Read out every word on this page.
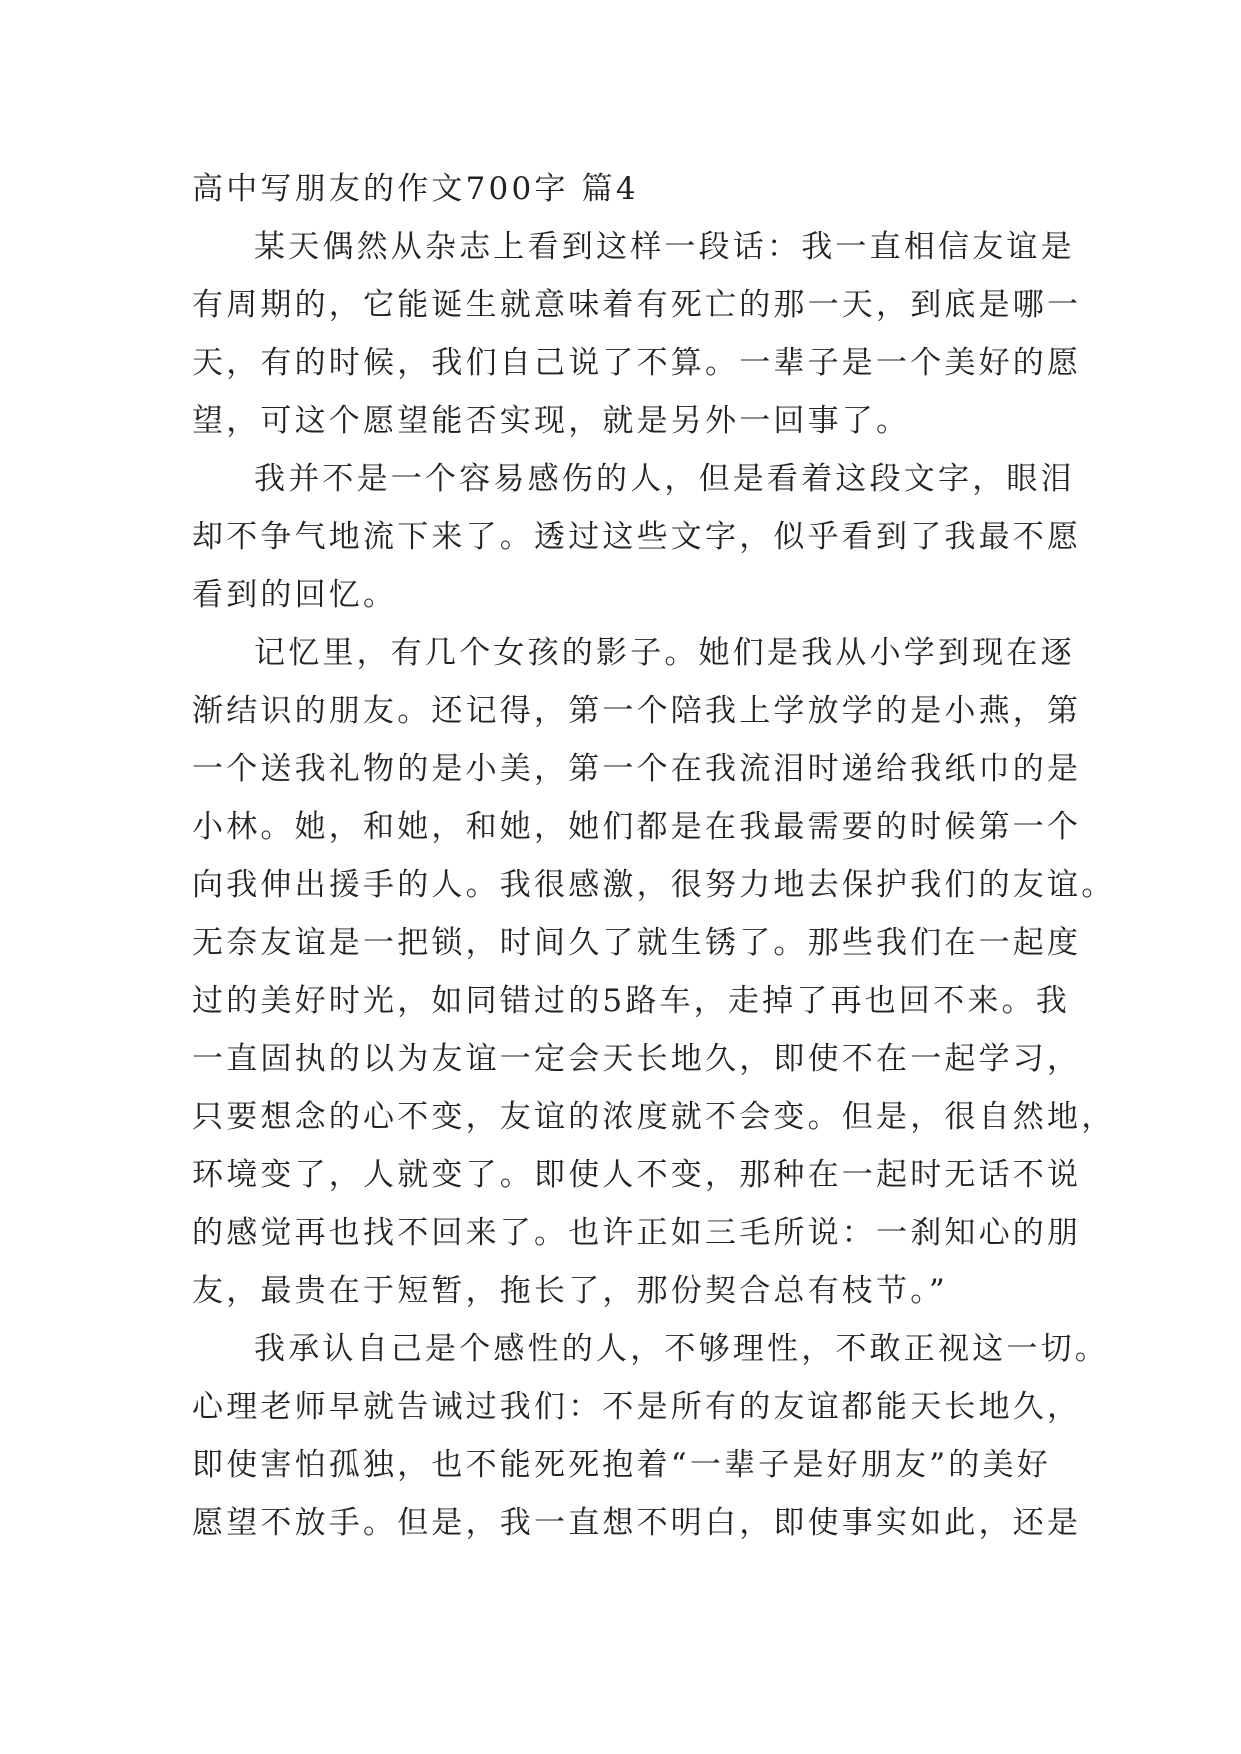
高中写朋友的作文700字 篇4
某天偶然从杂志上看到这样一段话：我一直相信友谊是
有周期的，它能诞生就意味着有死亡的那一天，到底是哪一
天，有的时候，我们自己说了不算。一辈子是一个美好的愿
望，可这个愿望能否实现，就是另外一回事了。
我并不是一个容易感伤的人，但是看着这段文字，眼泪
却不争气地流下来了。透过这些文字，似乎看到了我最不愿
看到的回忆。
记忆里，有几个女孩的影子。她们是我从小学到现在逐
渐结识的朋友。还记得，第一个陪我上学放学的是小燕，第
一个送我礼物的是小美，第一个在我流泪时递给我纸巾的是
小林。她，和她，和她，她们都是在我最需要的时候第一个
向我伸出援手的人。我很感激，很努力地去保护我们的友谊。
无奈友谊是一把锁，时间久了就生锈了。那些我们在一起度
过的美好时光，如同错过的5路车，走掉了再也回不来。我
一直固执的以为友谊一定会天长地久，即使不在一起学习，
只要想念的心不变，友谊的浓度就不会变。但是，很自然地，
环境变了，人就变了。即使人不变，那种在一起时无话不说
的感觉再也找不回来了。也许正如三毛所说：一刹知心的朋
友，最贵在于短暂，拖长了，那份契合总有枝节。”
我承认自己是个感性的人，不够理性，不敢正视这一切。
心理老师早就告诫过我们：不是所有的友谊都能天长地久，
即使害怕孤独，也不能死死抱着“一辈子是好朋友”的美好
愿望不放手。但是，我一直想不明白，即使事实如此，还是
